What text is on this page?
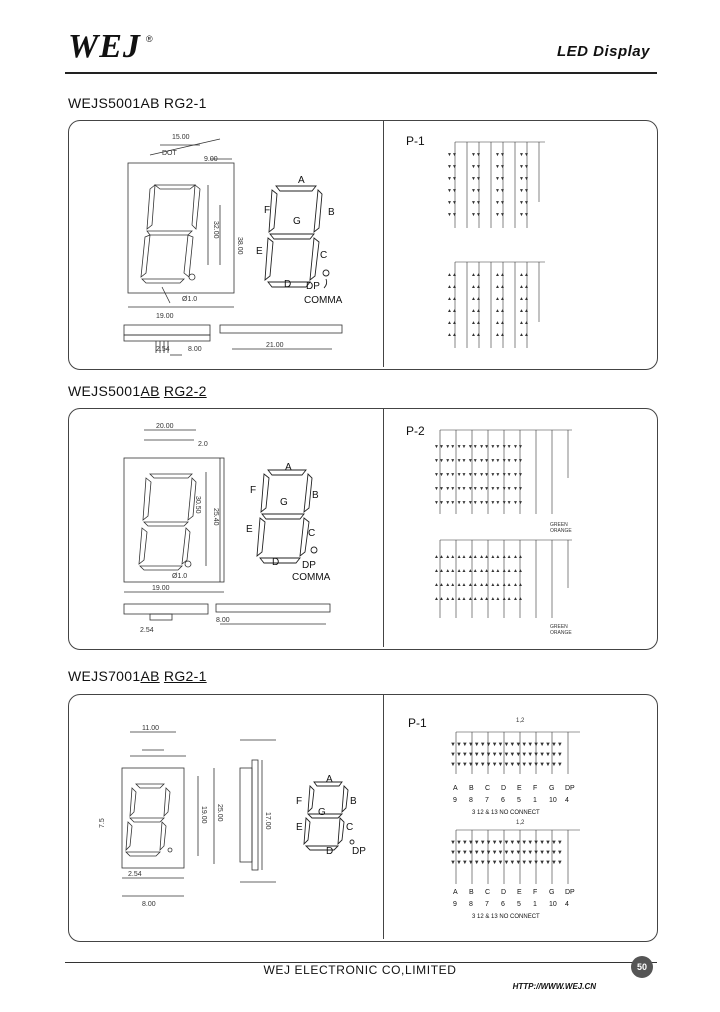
WEJ ®
LED Display
WEJS5001AB RG2-1
15.00
9.00
DOT
38.00
32.00
19.00
Ø1.0
2.54
21.00
8.00
A
B
C
D
E
F
G
DP
COMMA
P-1
▼▼
▼▼
▼▼
▼▼
▼▼
▼▼
▼▼
▼▼
▼▼
▼▼
▼▼
▼▼
▼▼
▼▼
▼▼
▼▼
▼▼
▼▼
▼▼
▼▼
▼▼
▼▼
▼▼
▼▼
▲▲
▲▲
▲▲
▲▲
▲▲
▲▲
▲▲
▲▲
▲▲
▲▲
▲▲
▲▲
▲▲
▲▲
▲▲
▲▲
▲▲
▲▲
▲▲
▲▲
▲▲
▲▲
▲▲
▲▲
WEJS5001AB RG2-2
20.00
2.0
30.50
25.40
Ø1.0
19.00
8.00
2.54
A
B
C
D
E
F
G
DP
COMMA
P-2
▼▼ ▼▼ ▼▼ ▼▼ ▼▼ ▼▼ ▼▼ ▼▼
▼▼ ▼▼ ▼▼ ▼▼ ▼▼ ▼▼ ▼▼ ▼▼
▼▼ ▼▼ ▼▼ ▼▼ ▼▼ ▼▼ ▼▼ ▼▼
▼▼ ▼▼ ▼▼ ▼▼ ▼▼ ▼▼ ▼▼ ▼▼
▼▼ ▼▼ ▼▼ ▼▼ ▼▼ ▼▼ ▼▼ ▼▼
▲▲ ▲▲ ▲▲ ▲▲ ▲▲ ▲▲ ▲▲ ▲▲
▲▲ ▲▲ ▲▲ ▲▲ ▲▲ ▲▲ ▲▲ ▲▲
▲▲ ▲▲ ▲▲ ▲▲ ▲▲ ▲▲ ▲▲ ▲▲
▲▲ ▲▲ ▲▲ ▲▲ ▲▲ ▲▲ ▲▲ ▲▲
GREEN
ORANGE
GREEN
ORANGE
WEJS7001AB RG2-1
11.00
25.00
19.00	17.00
7.5
8.00
2.54
A
B
C
D
E
F
G
DP
P-1
▼▼▼▼▼▼▼▼▼▼▼▼▼▼▼▼▼▼▼
▼▼▼▼▼▼▼▼▼▼▼▼▼▼▼▼▼▼▼
▼▼▼▼▼▼▼▼▼▼▼▼▼▼▼▼▼▼▼
▼▼▼▼▼▼▼▼▼▼▼▼▼▼▼▼▼▼▼
▼▼▼▼▼▼▼▼▼▼▼▼▼▼▼▼▼▼▼
▼▼▼▼▼▼▼▼▼▼▼▼▼▼▼▼▼▼▼
1,2
1,2
A B C D E F G DP
9 8 7 6 5 1 10 4
3 12 & 13 NO CONNECT
A B C D E F G DP
9 8 7 6 5 1 10 4
3 12 & 13 NO CONNECT
WEJ ELECTRONIC CO,LIMITED	50
HTTP://WWW.WEJ.CN
